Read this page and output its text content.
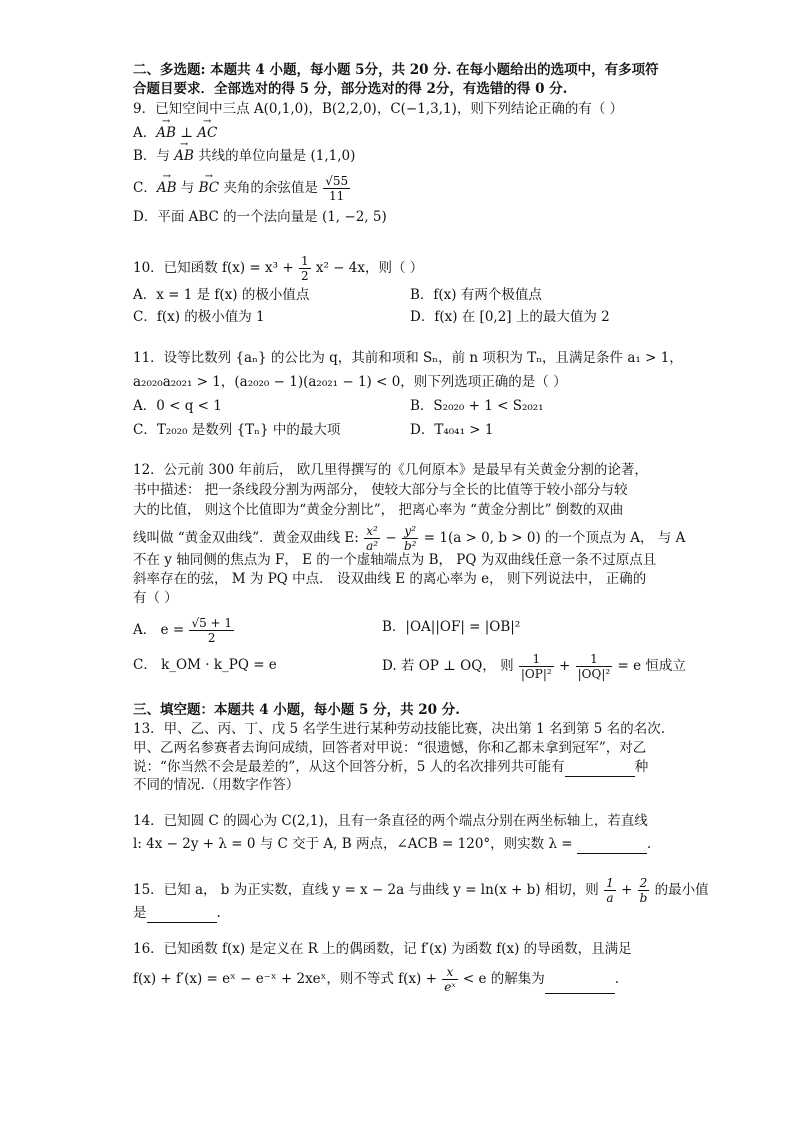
二、多选题: 本题共 4 小题，每小题 5分，共 20 分. 在每小题给出的选项中，有多项符
合题目要求．全部选对的得 5 分，部分选对的得 2分，有选错的得 0 分.
9．已知空间中三点 A(0,1,0)，B(2,2,0)，C(−1,3,1)，则下列结论正确的有（ ）
A．→ AB ⊥ → AC
B．与 → AB 共线的单位向量是 (1,1,0)
C．→ AB 与 → BC 夹角的余弦值是 $\frac{√55}{11}$
D．平面 ABC 的一个法向量是 (1, −2, 5)
10．已知函数 $f(x) = x^3 + \frac{1}{2} x^2 - 4x$，则（ ）
A．x = 1 是 f(x) 的极小值点	B．f(x) 有两个极值点
C．f(x) 的极小值为 1	D．f(x) 在 [0,2] 上的最大值为 2
11．设等比数列 {aₙ} 的公比为 q，其前和项和 Sₙ，前 n 项积为 Tₙ，且满足条件 a₁ > 1，
a₂₀₂₀a₂₀₂₁ > 1，(a₂₀₂₀ − 1)(a₂₀₂₁ − 1) < 0，则下列选项正确的是（ ）
A．0 < q < 1	B．S₂₀₂₀ + 1 < S₂₀₂₁
C．T₂₀₂₀ 是数列 {Tₙ} 中的最大项	D．T₄₀₄₁ > 1
12．公元前 300 年前后， 欧几里得撰写的《几何原本》是最早有关黄金分割的论著，
书中描述： 把一条线段分割为两部分， 使较大部分与全长的比值等于较小部分与较
大的比值， 则这个比值即为“黄金分割比”， 把离心率为 “黄金分割比” 倒数的双曲
线叫做 “黄金双曲线”．黄金双曲线 E: $\frac{\text{x²}}{\text{a²}} - \frac{\text{y²}}{\text{b²}} = 1(a > 0$, b > 0) 的一个顶点为 A， 与 A
不在 y 轴同侧的焦点为 F， E 的一个虚轴端点为 B， PQ 为双曲线任意一条不过原点且
斜率存在的弦， M 为 PQ 中点． 设双曲线 E 的离心率为 e， 则下列说法中， 正确的
有（ ）
A． $e = \frac{√5 + 1}{2}$	B．|OA||OF| = |OB|²
C． k_OM · k_PQ = e	D. 若 OP ⊥ OQ， 则 $\frac{1}{\text{|OP|²}} + \frac{1}{\text{|OQ|²}} = e$ 恒成立
三、填空题：本题共 4 小题，每小题 5 分，共 20 分.
13．甲、乙、丙、丁、戊 5 名学生进行某种劳动技能比赛，决出第 1 名到第 5 名的名次.
甲、乙两名参赛者去询问成绩，回答者对甲说：“很遗憾，你和乙都未拿到冠军”，对乙
说：“你当然不会是最差的”，从这个回答分析，5 人的名次排列共可能有	种
不同的情况.（用数字作答）
14．已知圆 C 的圆心为 C(2,1)，且有一条直径的两个端点分别在两坐标轴上，若直线
l: 4x − 2y + λ = 0 与 C 交于 A, B 两点，∠ACB = 120°，则实数 λ =	.
15．已知 a， b 为正实数，直线 y = x − 2a 与曲线 y = ln(x + b) 相切，则 $\frac{1}{a} + \frac{2}{b}$ 的最小值
是	.
16．已知函数 f(x) 是定义在 R 上的偶函数，记 f′(x) 为函数 f(x) 的导函数，且满足
f(x) + f′(x) = eˣ − e⁻ˣ + 2xeˣ，则不等式 $f(x) + \frac{x}{\text{eˣ}} < e$ 的解集为	.
